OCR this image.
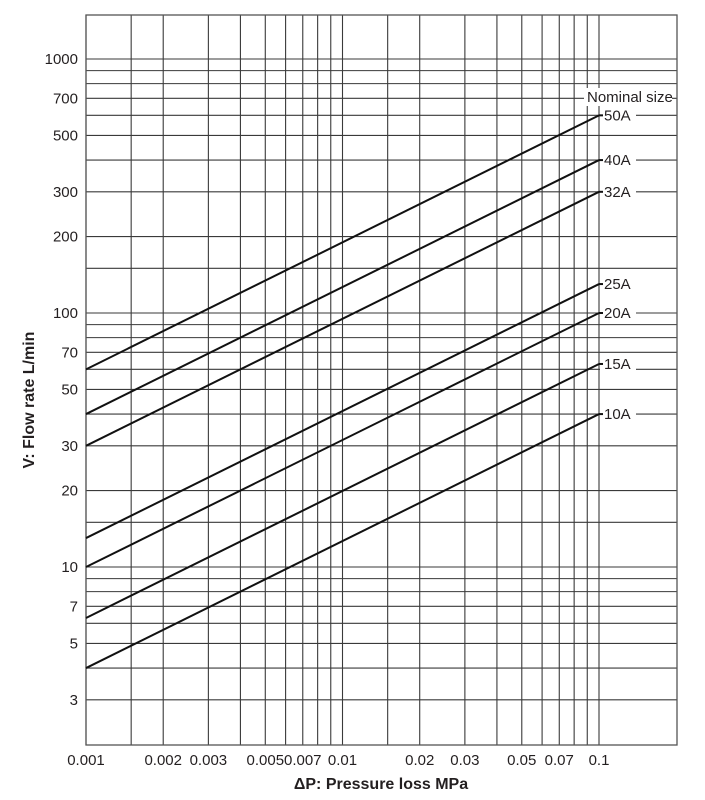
50A
40A
32A
25A
20A
15A
10A
Nominal size
0.001	0.002 0.003 0.005 0.007 0.01	0.02 0.03 0.05 0.07 0.1
1000
700
500
300
200
100
70
50
30
20
10
7
5
3
ΔP: Pressure loss MPa
V: Flow rate L/min
